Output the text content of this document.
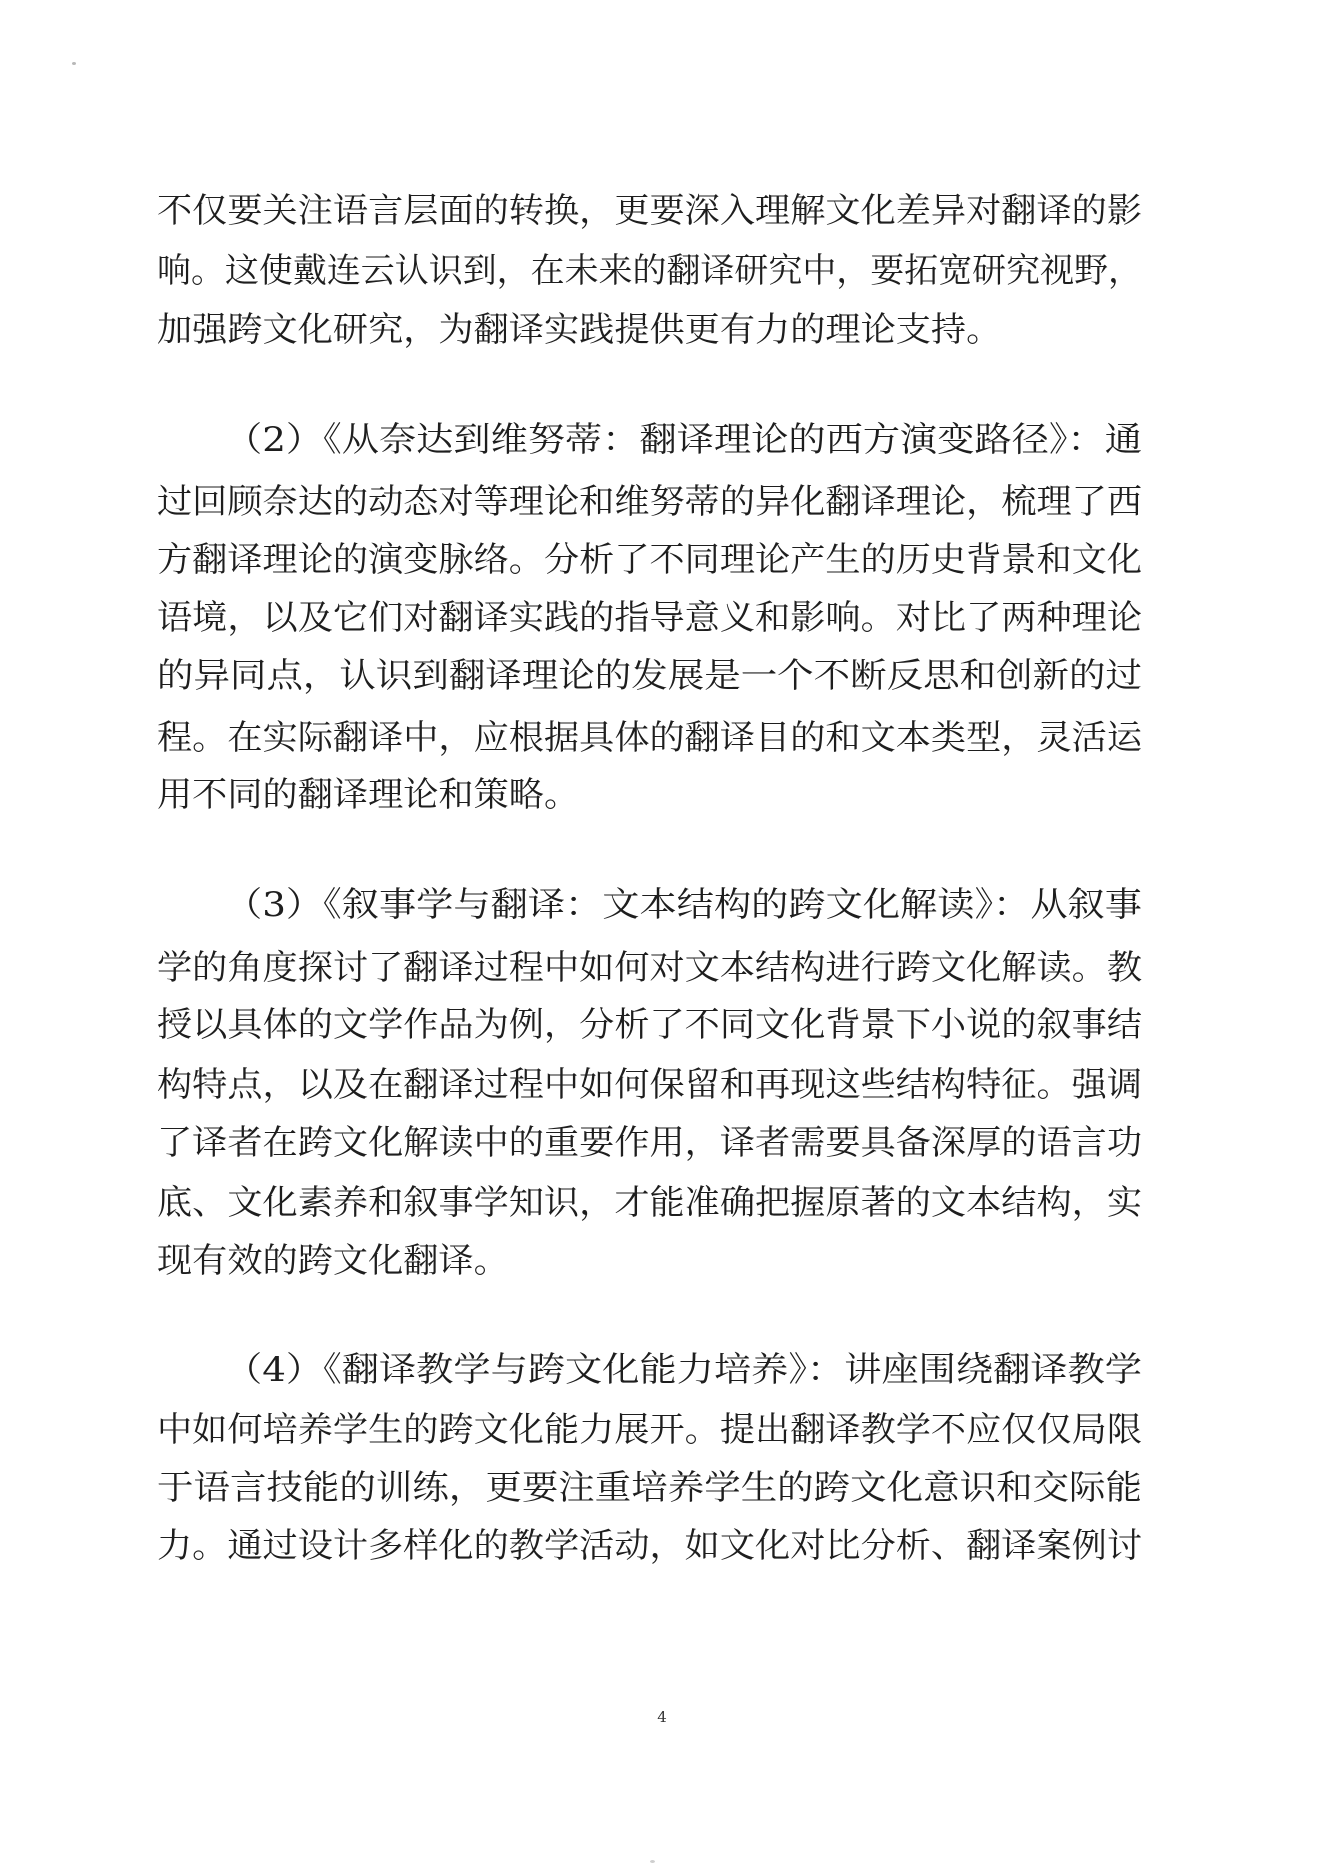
不仅要关注语言层面的转换，更要深入理解文化差异对翻译的影
响。这使戴连云认识到，在未来的翻译研究中，要拓宽研究视野，
加强跨文化研究，为翻译实践提供更有力的理论支持。
（2）《从奈达到维努蒂：翻译理论的西方演变路径》：通
过回顾奈达的动态对等理论和维努蒂的异化翻译理论，梳理了西
方翻译理论的演变脉络。分析了不同理论产生的历史背景和文化
语境，以及它们对翻译实践的指导意义和影响。对比了两种理论
的异同点，认识到翻译理论的发展是一个不断反思和创新的过
程。在实际翻译中，应根据具体的翻译目的和文本类型，灵活运
用不同的翻译理论和策略。
（3）《叙事学与翻译：文本结构的跨文化解读》：从叙事
学的角度探讨了翻译过程中如何对文本结构进行跨文化解读。教
授以具体的文学作品为例，分析了不同文化背景下小说的叙事结
构特点，以及在翻译过程中如何保留和再现这些结构特征。强调
了译者在跨文化解读中的重要作用，译者需要具备深厚的语言功
底、文化素养和叙事学知识，才能准确把握原著的文本结构，实
现有效的跨文化翻译。
（4）《翻译教学与跨文化能力培养》：讲座围绕翻译教学
中如何培养学生的跨文化能力展开。提出翻译教学不应仅仅局限
于语言技能的训练，更要注重培养学生的跨文化意识和交际能
力。通过设计多样化的教学活动，如文化对比分析、翻译案例讨
4
